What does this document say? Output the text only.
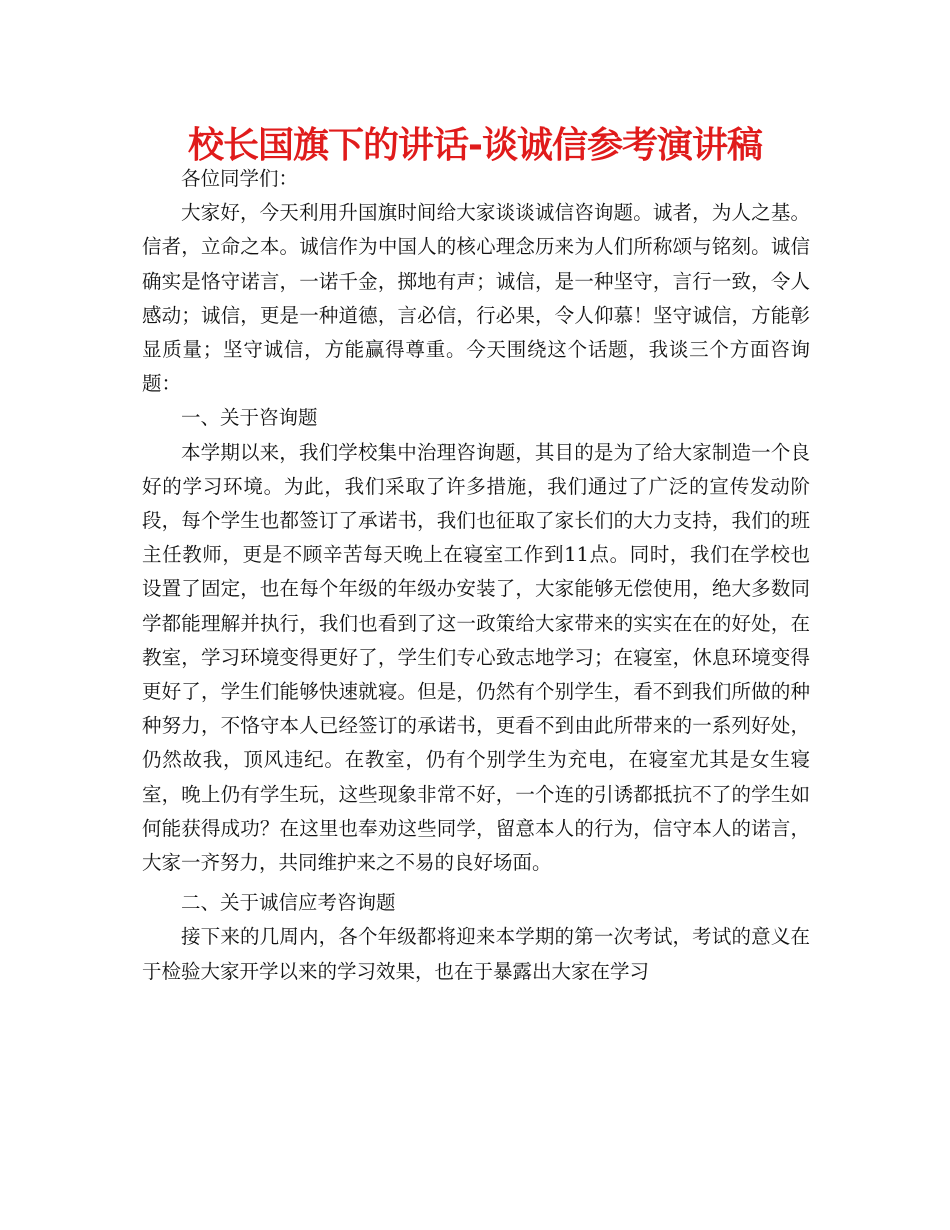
校长国旗下的讲话-谈诚信参考演讲稿

各位同学们：

大家好，今天利用升国旗时间给大家谈谈诚信咨询题。诚者，为人之基。信者，立命之本。诚信作为中国人的核心理念历来为人们所称颂与铭刻。诚信确实是恪守诺言，一诺千金，掷地有声；诚信，是一种坚守，言行一致，令人感动；诚信，更是一种道德，言必信，行必果，令人仰慕！坚守诚信，方能彰显质量；坚守诚信，方能赢得尊重。今天围绕这个话题，我谈三个方面咨询题：

一、关于咨询题

本学期以来，我们学校集中治理咨询题，其目的是为了给大家制造一个良好的学习环境。为此，我们采取了许多措施，我们通过了广泛的宣传发动阶段，每个学生也都签订了承诺书，我们也征取了家长们的大力支持，我们的班主任教师，更是不顾辛苦每天晚上在寝室工作到11点。同时，我们在学校也设置了固定，也在每个年级的年级办安装了，大家能够无偿使用，绝大多数同学都能理解并执行，我们也看到了这一政策给大家带来的实实在在的好处，在教室，学习环境变得更好了，学生们专心致志地学习；在寝室，休息环境变得更好了，学生们能够快速就寝。但是，仍然有个别学生，看不到我们所做的种种努力，不恪守本人已经签订的承诺书，更看不到由此所带来的一系列好处，仍然故我，顶风违纪。在教室，仍有个别学生为充电，在寝室尤其是女生寝室，晚上仍有学生玩，这些现象非常不好，一个连的引诱都抵抗不了的学生如何能获得成功？在这里也奉劝这些同学，留意本人的行为，信守本人的诺言，大家一齐努力，共同维护来之不易的良好场面。

二、关于诚信应考咨询题

接下来的几周内，各个年级都将迎来本学期的第一次考试，考试的意义在于检验大家开学以来的学习效果，也在于暴露出大家在学习
